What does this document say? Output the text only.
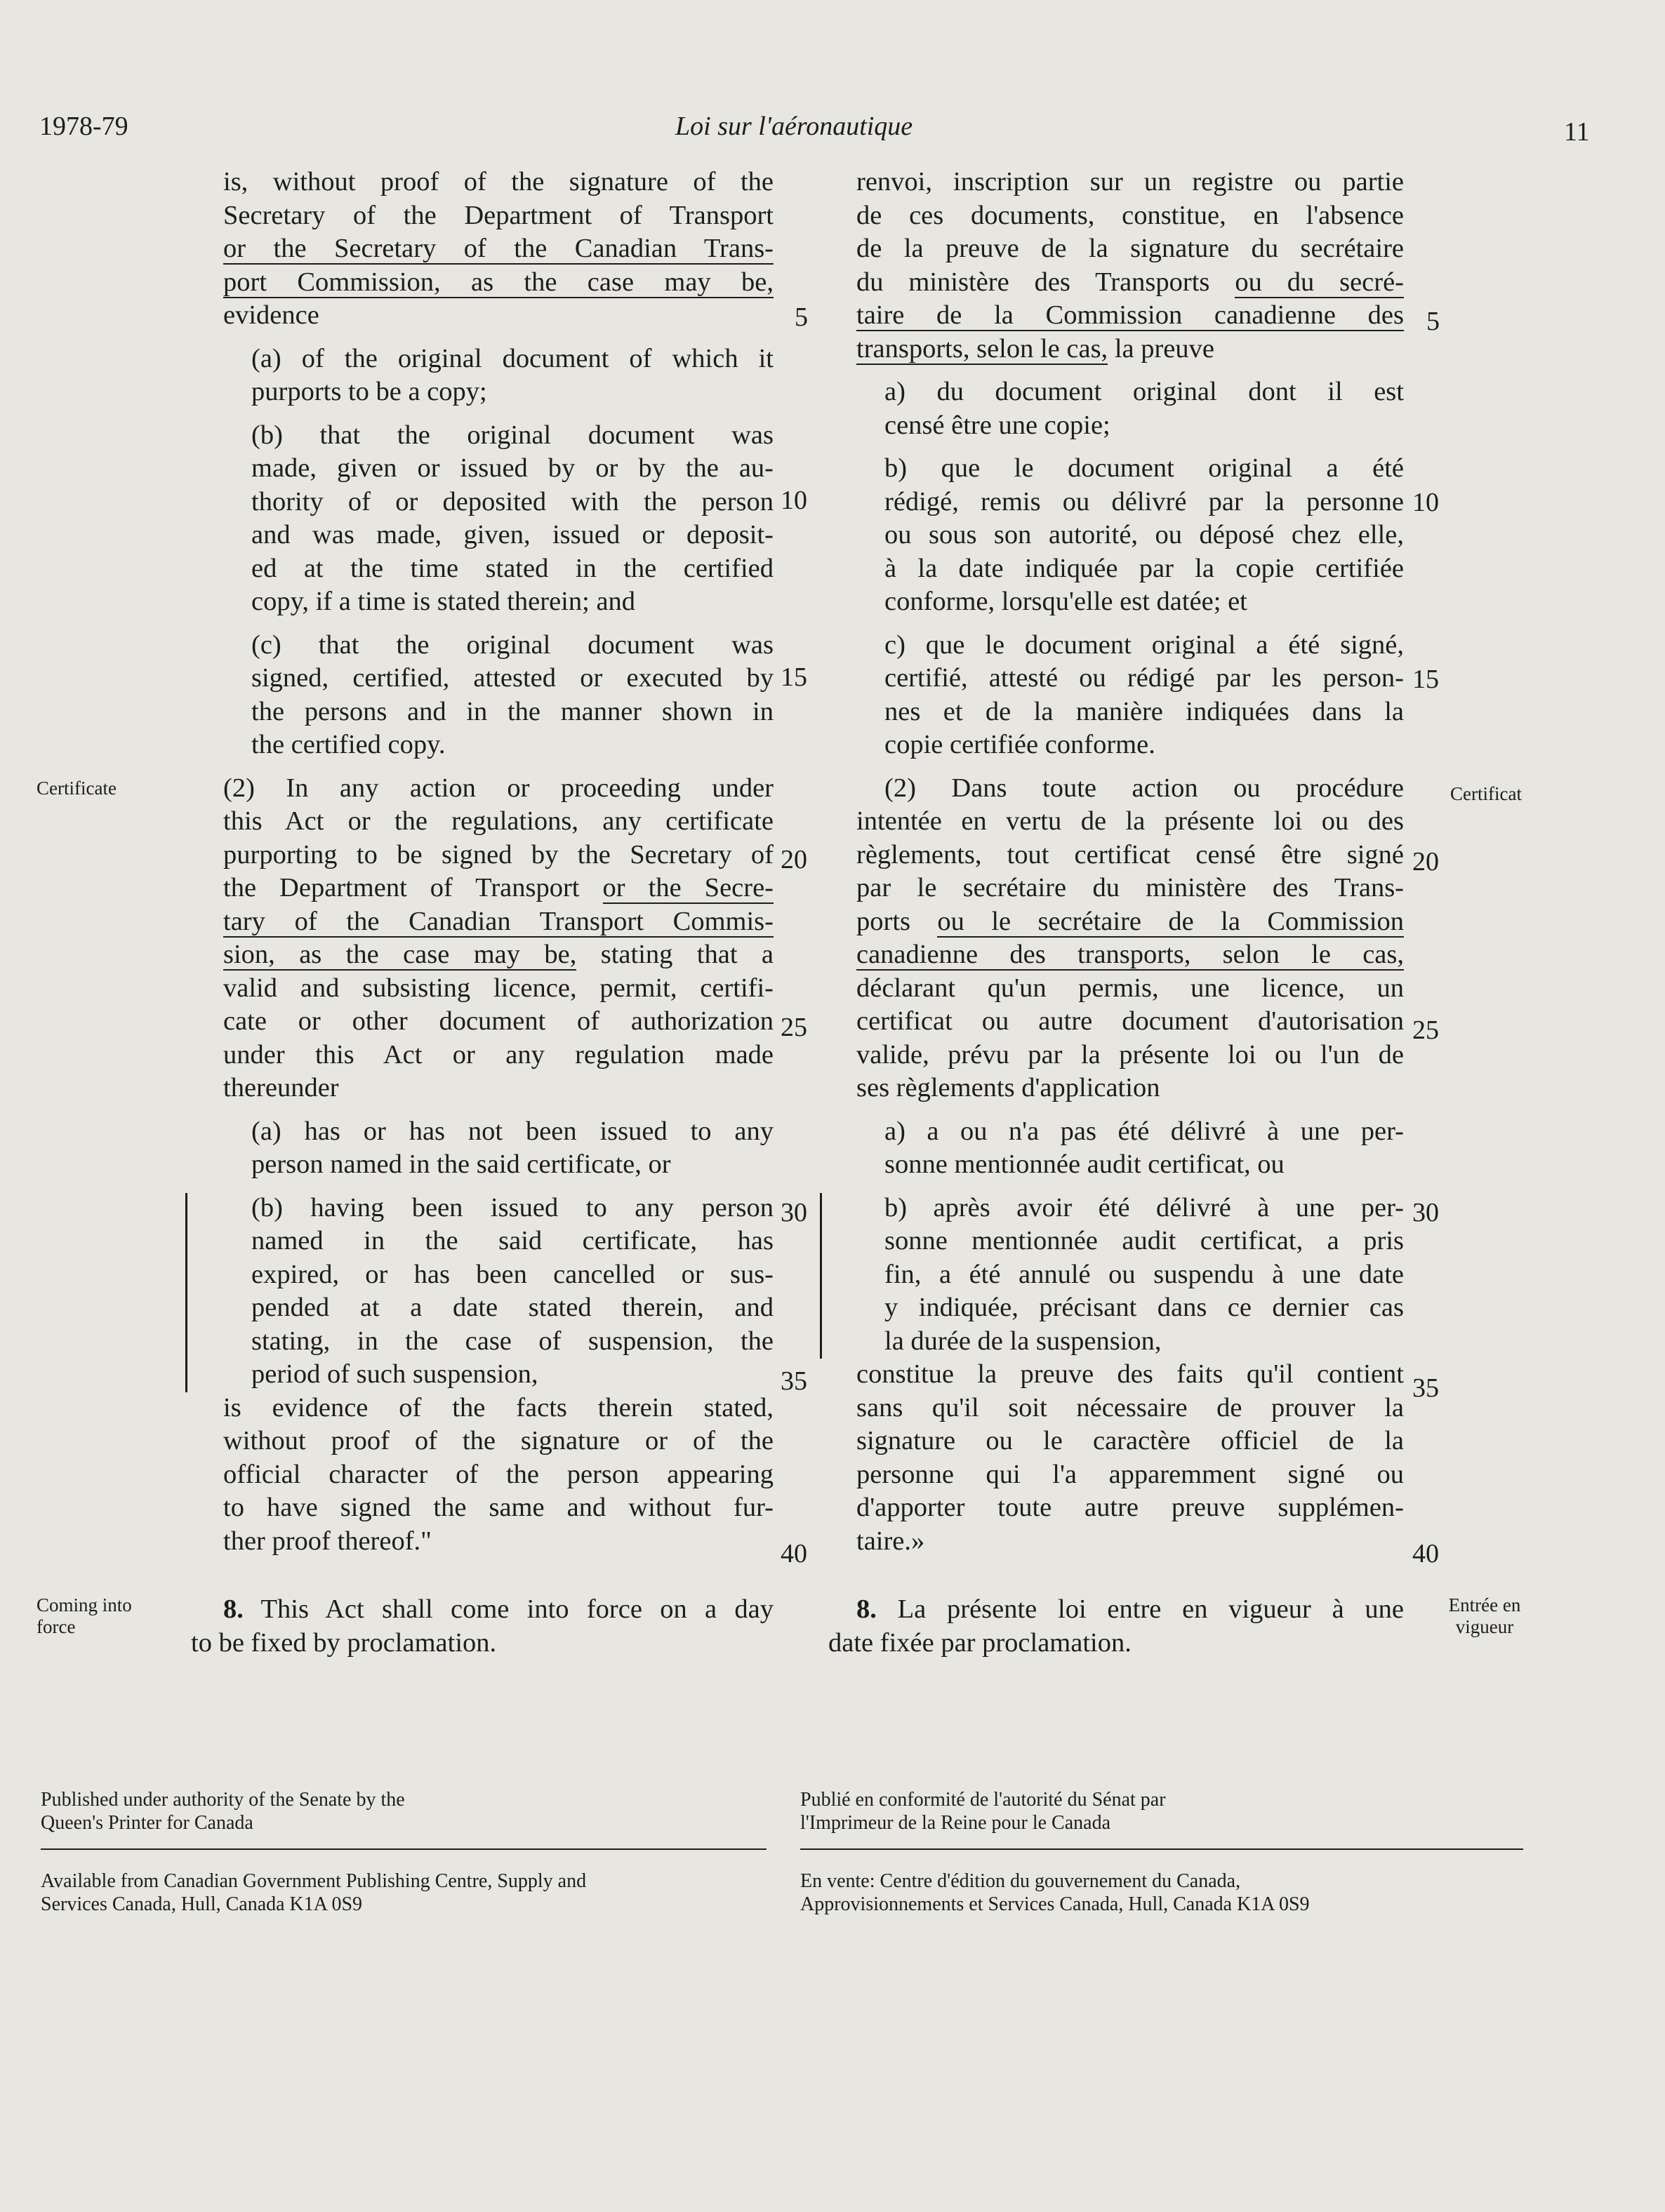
1978-79	Loi sur l'aéronautique	11
Certificate	Certificat
Coming into
force
Entrée en
vigueur
5
10
15
20
25
30
35
40
5
10
15
20
25
30
35
40
is, without proof of the signature of the
Secretary of the Department of Transport
or the Secretary of the Canadian Trans-
port Commission, as the case may be,
evidence
(a) of the original document of which it
purports to be a copy;
(b) that the original document was
made, given or issued by or by the au-
thority of or deposited with the person
and was made, given, issued or deposit-
ed at the time stated in the certified
copy, if a time is stated therein; and
(c) that the original document was
signed, certified, attested or executed by
the persons and in the manner shown in
the certified copy.
(2) In any action or proceeding under
this Act or the regulations, any certificate
purporting to be signed by the Secretary of
the Department of Transport or the Secre-
tary of the Canadian Transport Commis-
sion, as the case may be, stating that a
valid and subsisting licence, permit, certifi-
cate or other document of authorization
under this Act or any regulation made
thereunder
(a) has or has not been issued to any
person named in the said certificate, or
(b) having been issued to any person
named in the said certificate, has
expired, or has been cancelled or sus-
pended at a date stated therein, and
stating, in the case of suspension, the
period of such suspension,
is evidence of the facts therein stated,
without proof of the signature or of the
official character of the person appearing
to have signed the same and without fur-
ther proof thereof."
8. This Act shall come into force on a day
to be fixed by proclamation.
renvoi, inscription sur un registre ou partie
de ces documents, constitue, en l'absence
de la preuve de la signature du secrétaire
du ministère des Transports ou du secré-
taire de la Commission canadienne des
transports, selon le cas, la preuve
a) du document original dont il est
censé être une copie;
b) que le document original a été
rédigé, remis ou délivré par la personne
ou sous son autorité, ou déposé chez elle,
à la date indiquée par la copie certifiée
conforme, lorsqu'elle est datée; et
c) que le document original a été signé,
certifié, attesté ou rédigé par les person-
nes et de la manière indiquées dans la
copie certifiée conforme.
(2) Dans toute action ou procédure
intentée en vertu de la présente loi ou des
règlements, tout certificat censé être signé
par le secrétaire du ministère des Trans-
ports ou le secrétaire de la Commission
canadienne des transports, selon le cas,
déclarant qu'un permis, une licence, un
certificat ou autre document d'autorisation
valide, prévu par la présente loi ou l'un de
ses règlements d'application
a) a ou n'a pas été délivré à une per-
sonne mentionnée audit certificat, ou
b) après avoir été délivré à une per-
sonne mentionnée audit certificat, a pris
fin, a été annulé ou suspendu à une date
y indiquée, précisant dans ce dernier cas
la durée de la suspension,
constitue la preuve des faits qu'il contient
sans qu'il soit nécessaire de prouver la
signature ou le caractère officiel de la
personne qui l'a apparemment signé ou
d'apporter toute autre preuve supplémen-
taire.»
8. La présente loi entre en vigueur à une
date fixée par proclamation.
Published under authority of the Senate by the
Queen's Printer for Canada
Available from Canadian Government Publishing Centre, Supply and
Services Canada, Hull, Canada K1A 0S9
Publié en conformité de l'autorité du Sénat par
l'Imprimeur de la Reine pour le Canada
En vente: Centre d'édition du gouvernement du Canada,
Approvisionnements et Services Canada, Hull, Canada K1A 0S9
